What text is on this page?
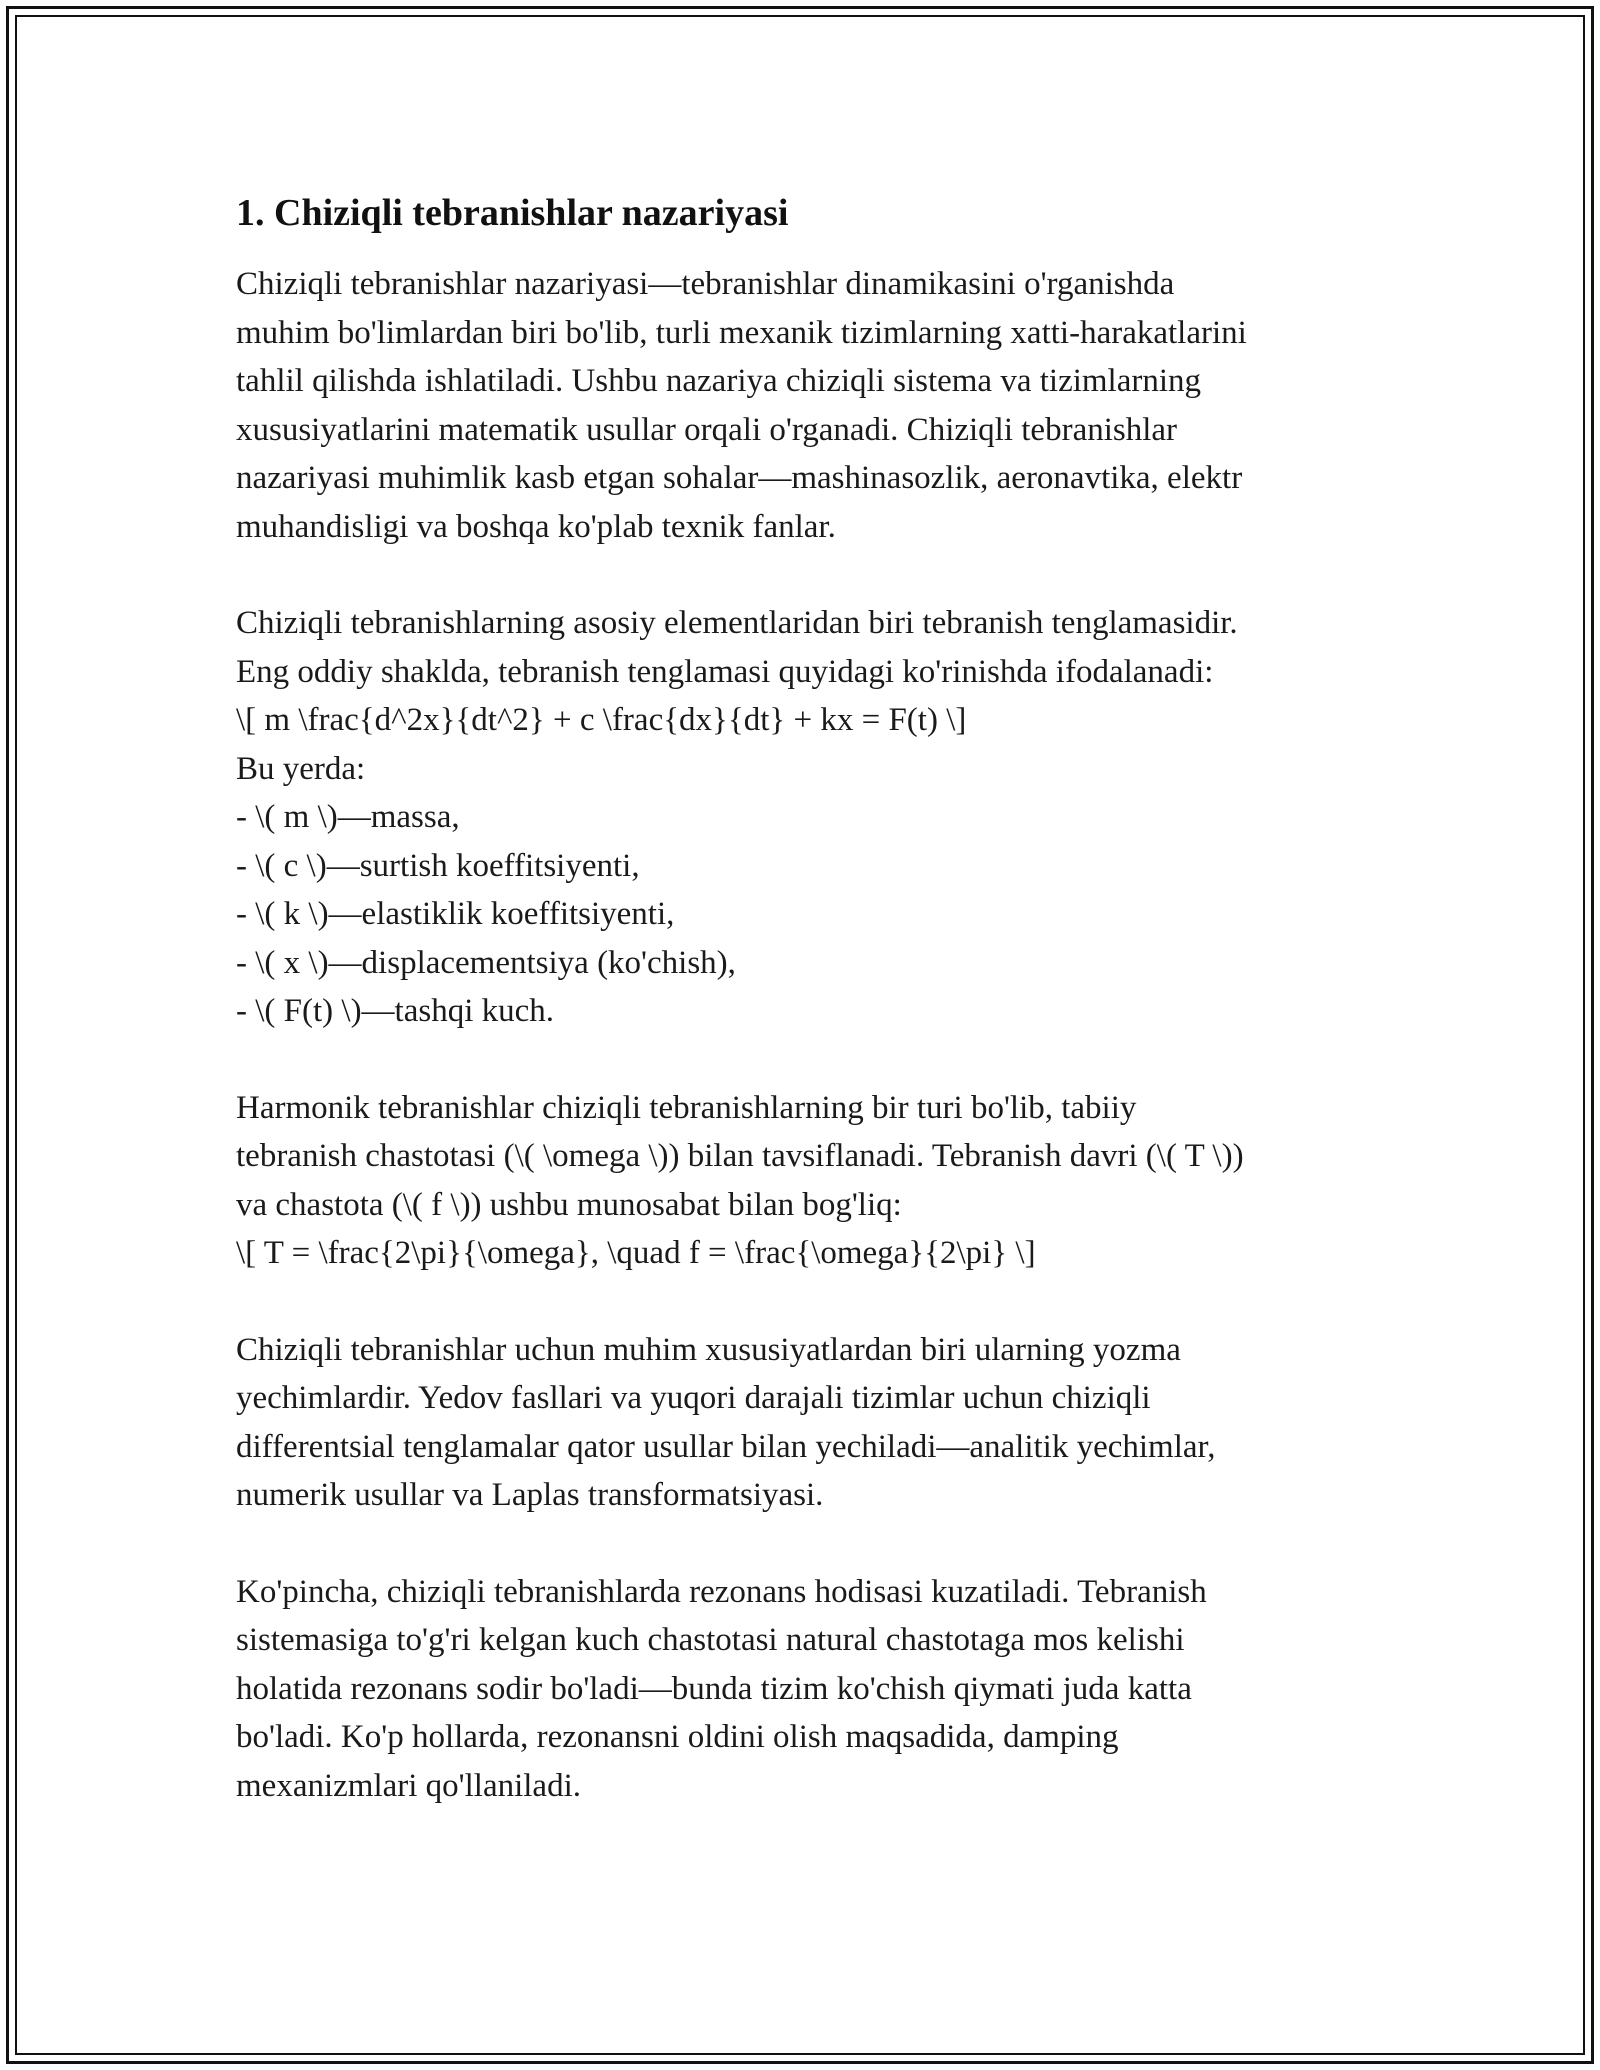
1. Chiziqli tebranishlar nazariyasi

Chiziqli tebranishlar nazariyasi—tebranishlar dinamikasini o'rganishda
muhim bo'limlardan biri bo'lib, turli mexanik tizimlarning xatti-harakatlarini
tahlil qilishda ishlatiladi. Ushbu nazariya chiziqli sistema va tizimlarning
xususiyatlarini matematik usullar orqali o'rganadi. Chiziqli tebranishlar
nazariyasi muhimlik kasb etgan sohalar—mashinasozlik, aeronavtika, elektr
muhandisligi va boshqa ko'plab texnik fanlar.

Chiziqli tebranishlarning asosiy elementlaridan biri tebranish tenglamasidir.
Eng oddiy shaklda, tebranish tenglamasi quyidagi ko'rinishda ifodalanadi:
\[ m \frac{d^2x}{dt^2} + c \frac{dx}{dt} + kx = F(t) \]
Bu yerda:
- \( m \)—massa,
- \( c \)—surtish koeffitsiyenti,
- \( k \)—elastiklik koeffitsiyenti,
- \( x \)—displacementsiya (ko'chish),
- \( F(t) \)—tashqi kuch.

Harmonik tebranishlar chiziqli tebranishlarning bir turi bo'lib, tabiiy
tebranish chastotasi (\( \omega \)) bilan tavsiflanadi. Tebranish davri (\( T \))
va chastota (\( f \)) ushbu munosabat bilan bog'liq:
\[ T = \frac{2\pi}{\omega}, \quad f = \frac{\omega}{2\pi} \]

Chiziqli tebranishlar uchun muhim xususiyatlardan biri ularning yozma
yechimlardir. Yedov fasllari va yuqori darajali tizimlar uchun chiziqli
differentsial tenglamalar qator usullar bilan yechiladi—analitik yechimlar,
numerik usullar va Laplas transformatsiyasi.

Ko'pincha, chiziqli tebranishlarda rezonans hodisasi kuzatiladi. Tebranish
sistemasiga to'g'ri kelgan kuch chastotasi natural chastotaga mos kelishi
holatida rezonans sodir bo'ladi—bunda tizim ko'chish qiymati juda katta
bo'ladi. Ko'p hollarda, rezonansni oldini olish maqsadida, damping
mexanizmlari qo'llaniladi.
